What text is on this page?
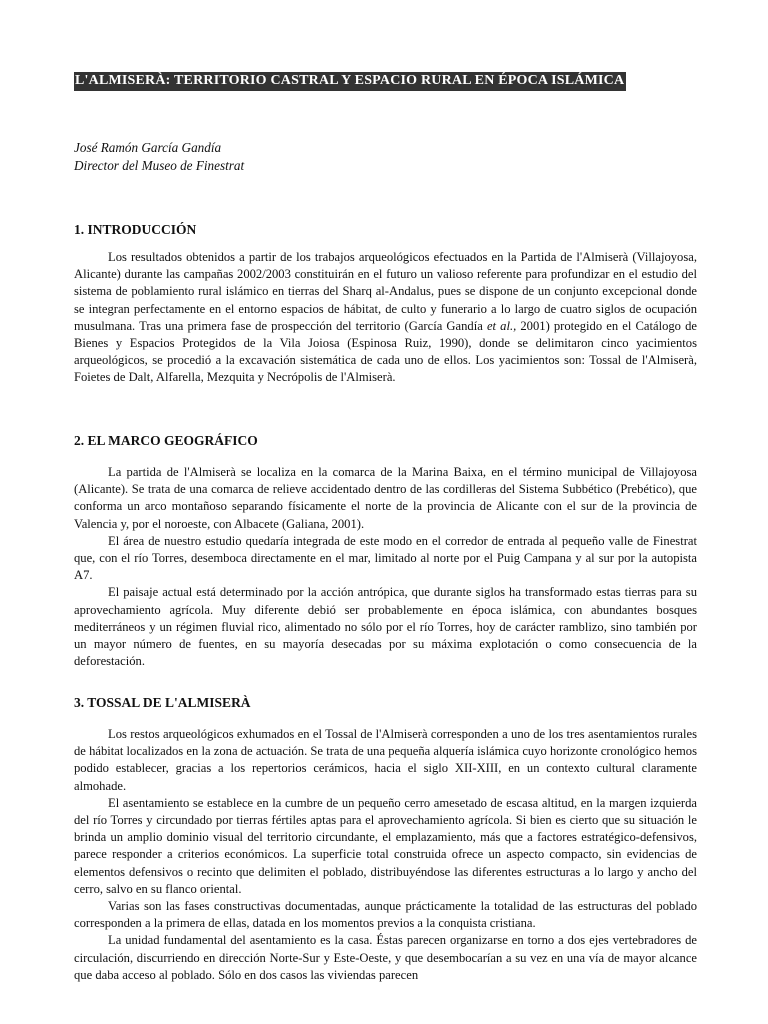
L'ALMISERÀ: TERRITORIO CASTRAL Y ESPACIO RURAL EN ÉPOCA ISLÁMICA
José Ramón García Gandía
Director del Museo de Finestrat
1. INTRODUCCIÓN

Los resultados obtenidos a partir de los trabajos arqueológicos efectuados en la Partida de l'Almiserà (Villajoyosa, Alicante) durante las campañas 2002/2003 constituirán en el futuro un valioso referente para profundizar en el estudio del sistema de poblamiento rural islámico en tierras del Sharq al-Andalus, pues se dispone de un conjunto excepcional donde se integran perfectamente en el entorno espacios de hábitat, de culto y funerario a lo largo de cuatro siglos de ocupación musulmana. Tras una primera fase de prospección del territorio (García Gandía et al., 2001) protegido en el Catálogo de Bienes y Espacios Protegidos de la Vila Joiosa (Espinosa Ruiz, 1990), donde se delimitaron cinco yacimientos arqueológicos, se procedió a la excavación sistemática de cada uno de ellos. Los yacimientos son: Tossal de l'Almiserà, Foietes de Dalt, Alfarella, Mezquita y Necrópolis de l'Almiserà.

2. EL MARCO GEOGRÁFICO

La partida de l'Almiserà se localiza en la comarca de la Marina Baixa, en el término municipal de Villajoyosa (Alicante). Se trata de una comarca de relieve accidentado dentro de las cordilleras del Sistema Subbético (Prebético), que conforma un arco montañoso separando físicamente el norte de la provincia de Alicante con el sur de la provincia de Valencia y, por el noroeste, con Albacete (Galiana, 2001).

El área de nuestro estudio quedaría integrada de este modo en el corredor de entrada al pequeño valle de Finestrat que, con el río Torres, desemboca directamente en el mar, limitado al norte por el Puig Campana y al sur por la autopista A7.

El paisaje actual está determinado por la acción antrópica, que durante siglos ha transformado estas tierras para su aprovechamiento agrícola. Muy diferente debió ser probablemente en época islámica, con abundantes bosques mediterráneos y un régimen fluvial rico, alimentado no sólo por el río Torres, hoy de carácter ramblizo, sino también por un mayor número de fuentes, en su mayoría desecadas por su máxima explotación o como consecuencia de la deforestación.

3. TOSSAL DE L'ALMISERÀ

Los restos arqueológicos exhumados en el Tossal de l'Almiserà corresponden a uno de los tres asentamientos rurales de hábitat localizados en la zona de actuación. Se trata de una pequeña alquería islámica cuyo horizonte cronológico hemos podido establecer, gracias a los repertorios cerámicos, hacia el siglo XII-XIII, en un contexto cultural claramente almohade.

El asentamiento se establece en la cumbre de un pequeño cerro amesetado de escasa altitud, en la margen izquierda del río Torres y circundado por tierras fértiles aptas para el aprovechamiento agrícola. Si bien es cierto que su situación le brinda un amplio dominio visual del territorio circundante, el emplazamiento, más que a factores estratégico-defensivos, parece responder a criterios económicos. La superficie total construida ofrece un aspecto compacto, sin evidencias de elementos defensivos o recinto que delimiten el poblado, distribuyéndose las diferentes estructuras a lo largo y ancho del cerro, salvo en su flanco oriental.

Varias son las fases constructivas documentadas, aunque prácticamente la totalidad de las estructuras del poblado corresponden a la primera de ellas, datada en los momentos previos a la conquista cristiana.

La unidad fundamental del asentamiento es la casa. Éstas parecen organizarse en torno a dos ejes vertebradores de circulación, discurriendo en dirección Norte-Sur y Este-Oeste, y que desembocarían a su vez en una vía de mayor alcance que daba acceso al poblado. Sólo en dos casos las viviendas parecen
